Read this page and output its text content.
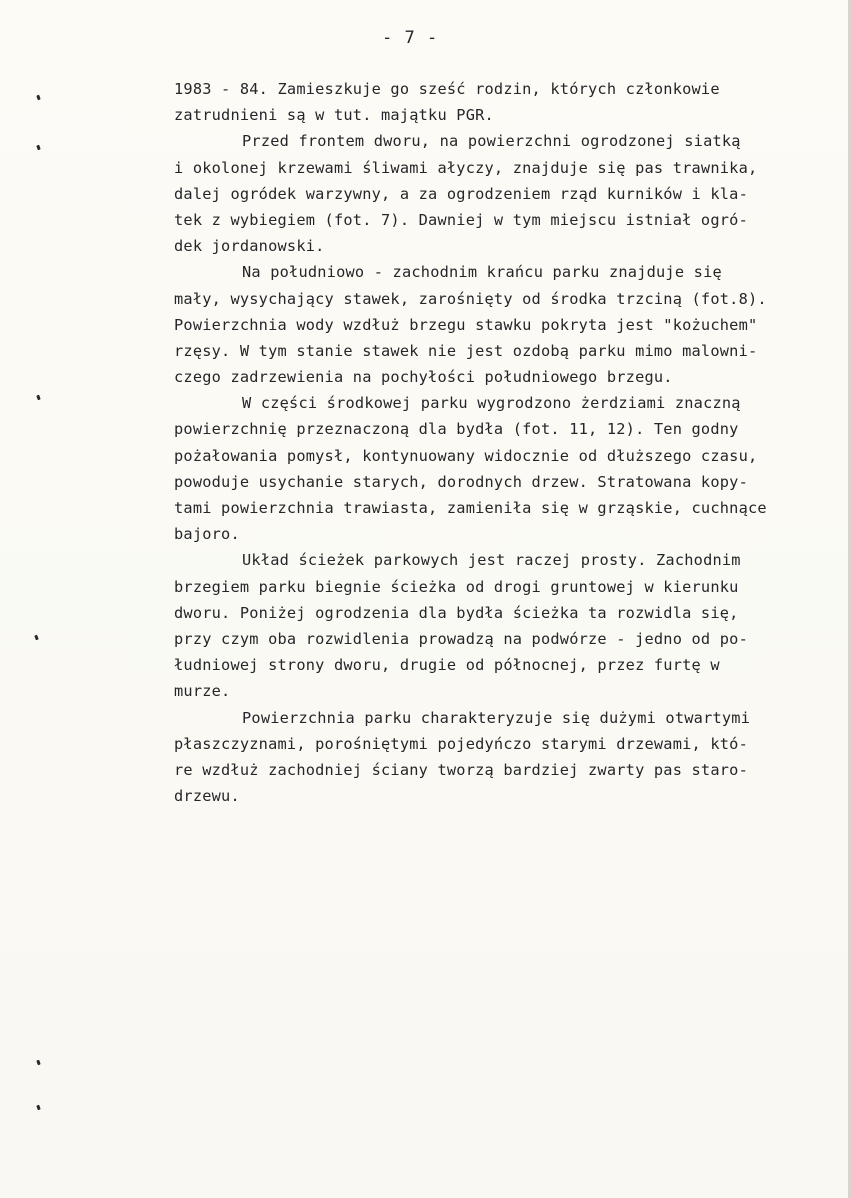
- 7 -
1983 - 84. Zamieszkuje go sześć rodzin, których członkowie
zatrudnieni są w tut. majątku PGR.
Przed frontem dworu, na powierzchni ogrodzonej siatką
i okolonej krzewami śliwami ałyczy, znajduje się pas trawnika,
dalej ogródek warzywny, a za ogrodzeniem rząd kurników i kla-
tek z wybiegiem (fot. 7). Dawniej w tym miejscu istniał ogró-
dek jordanowski.
Na południowo - zachodnim krańcu parku znajduje się
mały, wysychający stawek, zarośnięty od środka trzciną (fot.8).
Powierzchnia wody wzdłuż brzegu stawku pokryta jest "kożuchem"
rzęsy. W tym stanie stawek nie jest ozdobą parku mimo malowni-
czego zadrzewienia na pochyłości południowego brzegu.
W części środkowej parku wygrodzono żerdziami znaczną
powierzchnię przeznaczoną dla bydła (fot. 11, 12). Ten godny
pożałowania pomysł, kontynuowany widocznie od dłuższego czasu,
powoduje usychanie starych, dorodnych drzew. Stratowana kopy-
tami powierzchnia trawiasta, zamieniła się w grząskie, cuchnące
bajoro.
Układ ścieżek parkowych jest raczej prosty. Zachodnim
brzegiem parku biegnie ścieżka od drogi gruntowej w kierunku
dworu. Poniżej ogrodzenia dla bydła ścieżka ta rozwidla się,
przy czym oba rozwidlenia prowadzą na podwórze - jedno od po-
łudniowej strony dworu, drugie od północnej, przez furtę w
murze.
Powierzchnia parku charakteryzuje się dużymi otwartymi
płaszczyznami, porośniętymi pojedyńczo starymi drzewami, któ-
re wzdłuż zachodniej ściany tworzą bardziej zwarty pas staro-
drzewu.
